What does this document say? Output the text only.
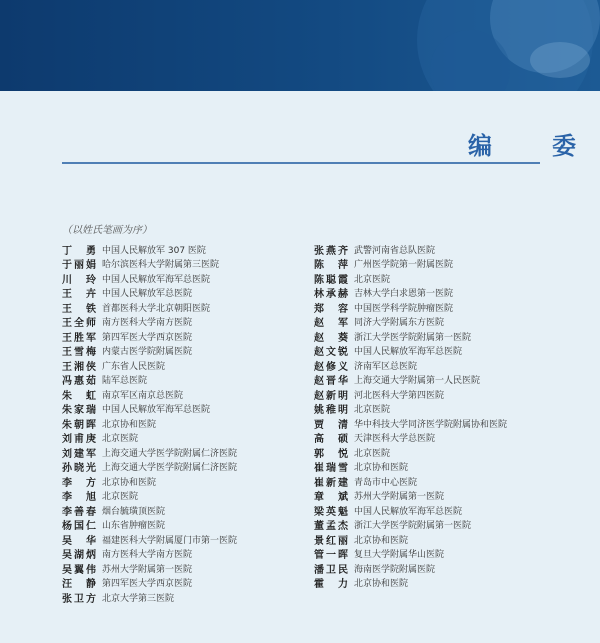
编　委
（以姓氏笔画为序）
丁　勇 中国人民解放军 307 医院
于丽娟 哈尔滨医科大学附属第三医院
川　玲 中国人民解放军海军总医院
王　卉 中国人民解放军总医院
王　铁 首都医科大学北京朝阳医院
王全师 南方医科大学南方医院
王胜军 第四军医大学西京医院
王雪梅 内蒙古医学院附属医院
王湘侠 广东省人民医院
冯惠茹 陆军总医院
朱　虹 南京军区南京总医院
朱家瑞 中国人民解放军海军总医院
朱朝晖 北京协和医院
刘甫庚 北京医院
刘建军 上海交通大学医学院附属仁济医院
孙晓光 上海交通大学医学院附属仁济医院
李　方 北京协和医院
李　旭 北京医院
李善春 烟台毓璜顶医院
杨国仁 山东省肿瘤医院
吴　华 福建医科大学附属厦门市第一医院
吴湖炳 南方医科大学南方医院
吴翼伟 苏州大学附属第一医院
汪　静 第四军医大学西京医院
张卫方 北京大学第三医院
张燕齐 武警河南省总队医院
陈　萍 广州医学院第一附属医院
陈聪霞 北京医院
林承赫 吉林大学白求恩第一医院
郑　容 中国医学科学院肿瘤医院
赵　军 同济大学附属东方医院
赵　葵 浙江大学医学院附属第一医院
赵文锐 中国人民解放军海军总医院
赵修义 济南军区总医院
赵晋华 上海交通大学附属第一人民医院
赵新明 河北医科大学第四医院
姚稚明 北京医院
贾　清 华中科技大学同济医学院附属协和医院
高　硕 天津医科大学总医院
郭　悦 北京医院
崔瑞雪 北京协和医院
崔新建 青岛市中心医院
章　斌 苏州大学附属第一医院
梁英魁 中国人民解放军海军总医院
董孟杰 浙江大学医学院附属第一医院
景红丽 北京协和医院
管一晖 复旦大学附属华山医院
潘卫民 海南医学院附属医院
霍　力 北京协和医院
